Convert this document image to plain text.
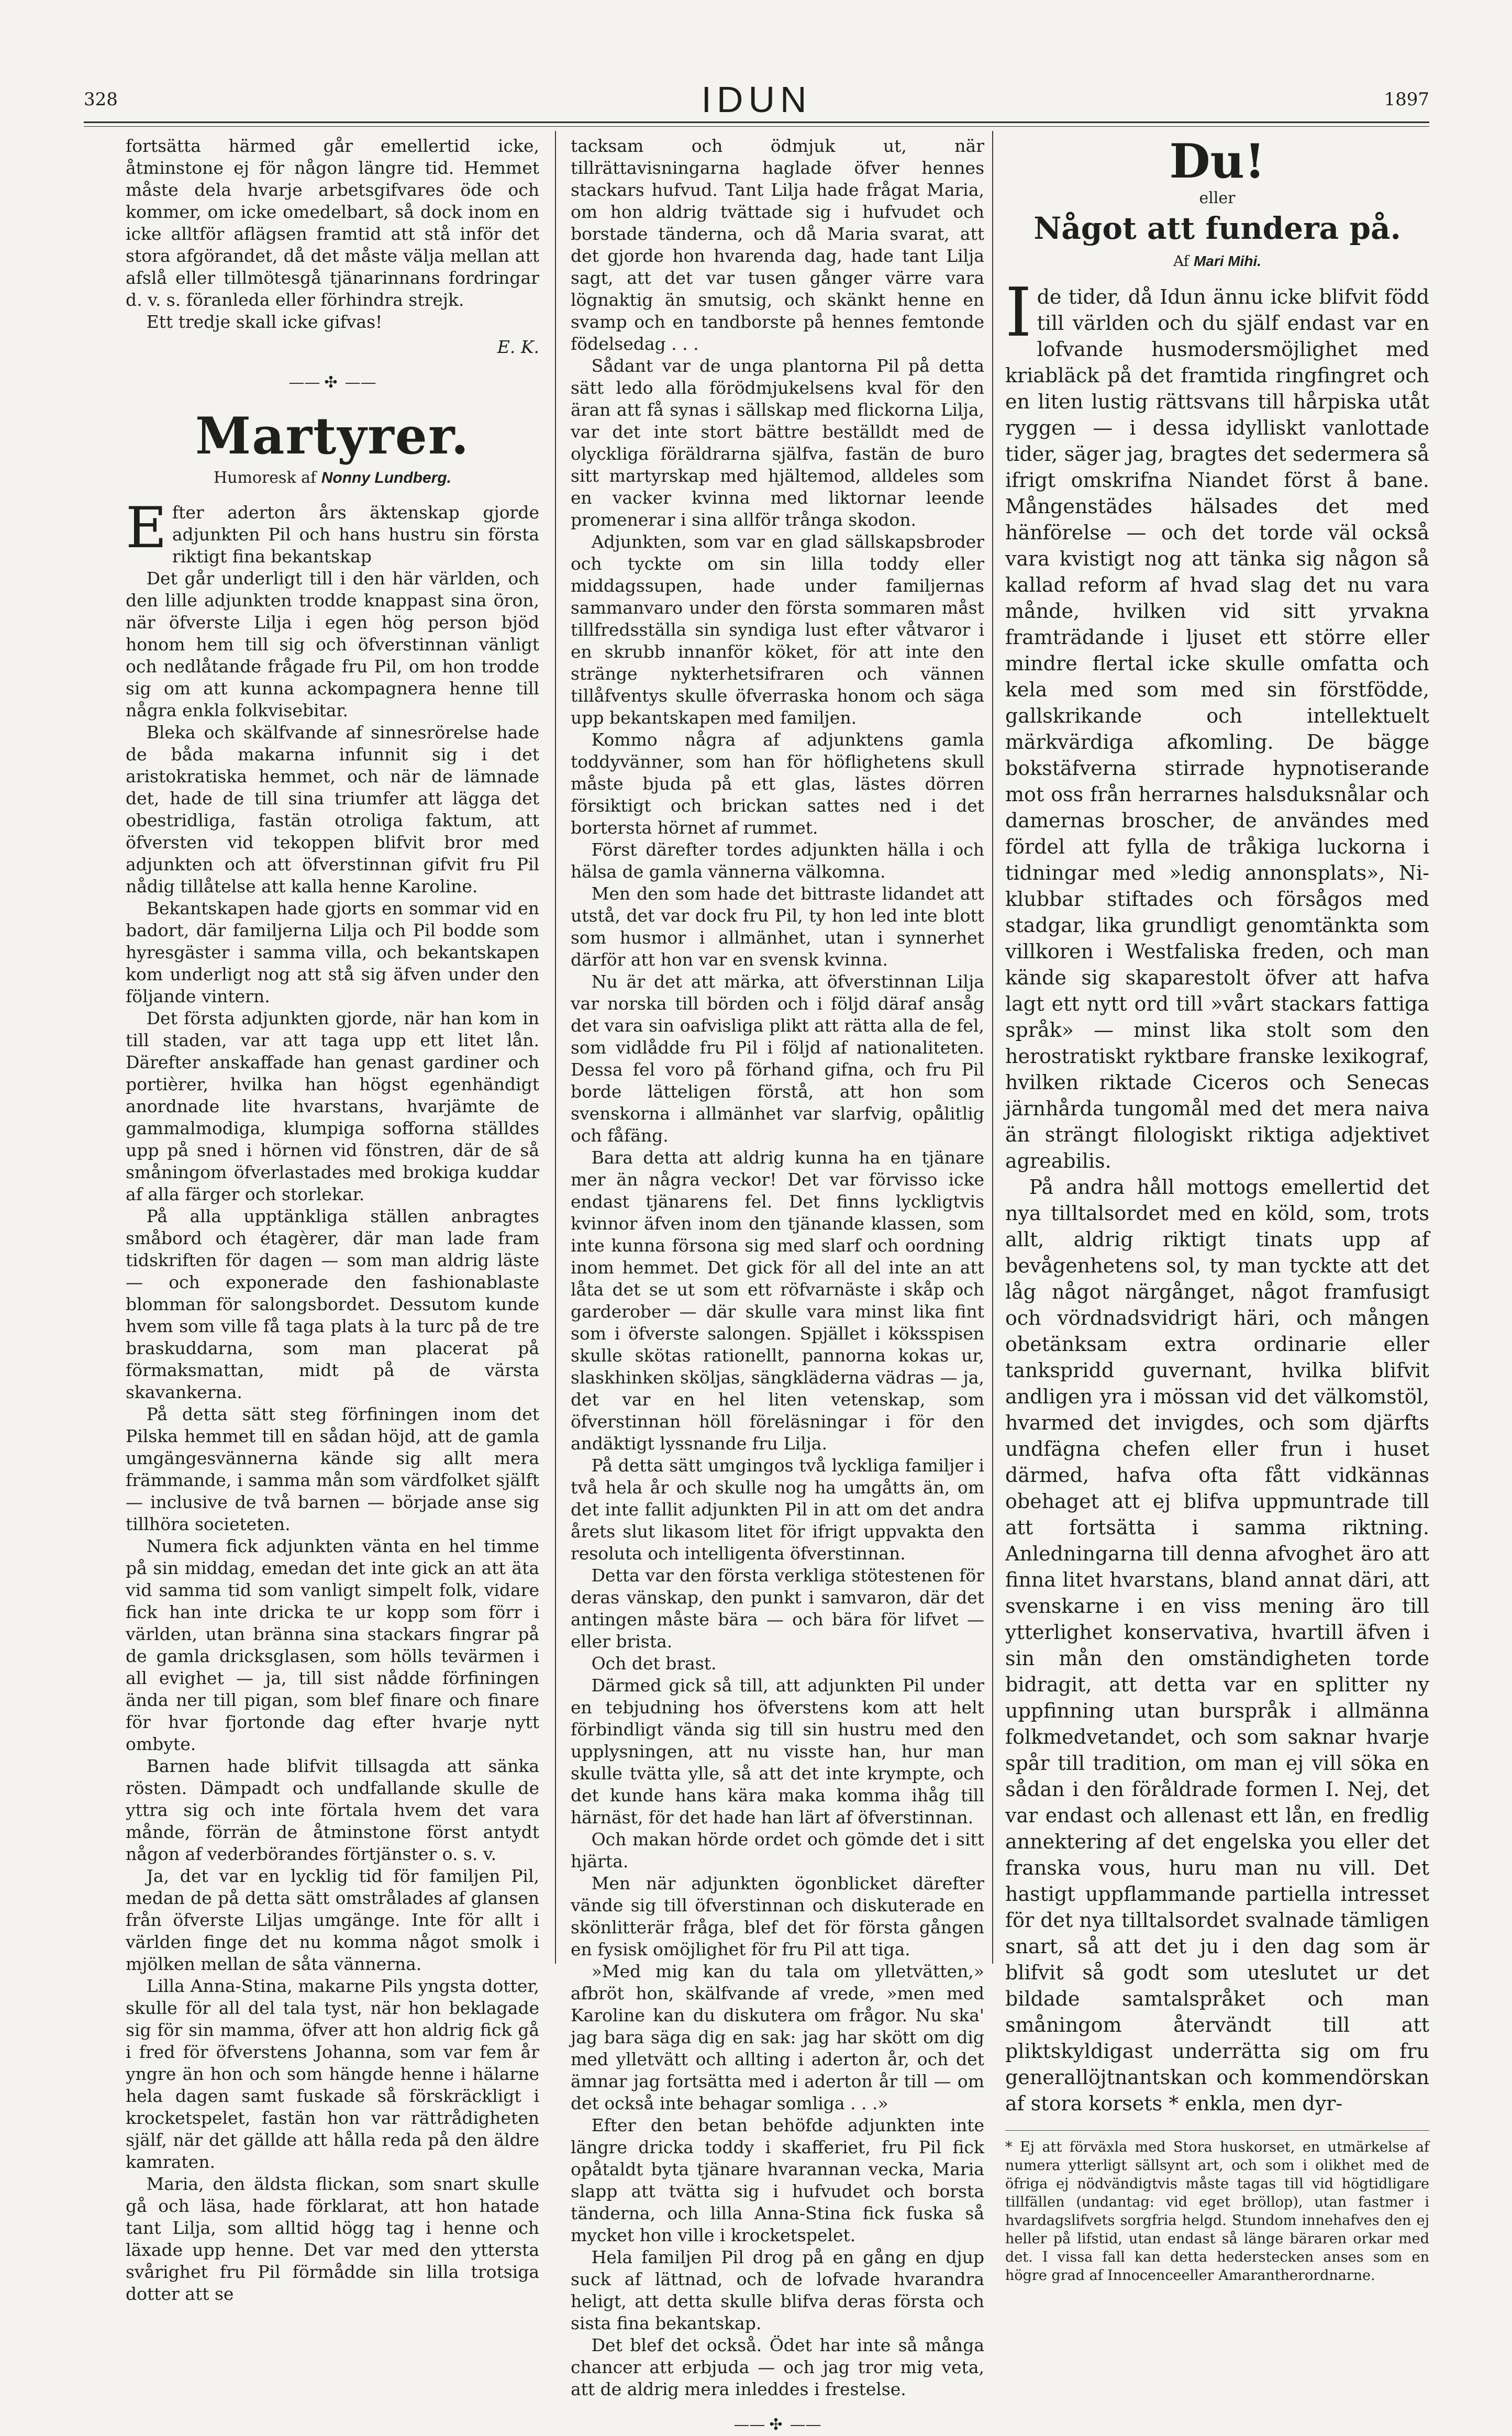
328	IDUN	1897

fortsätta härmed går emellertid icke, åtminstone ej för någon längre tid. Hemmet måste dela hvarje arbetsgifvares öde och kommer, om icke omedelbart, så dock inom en icke alltför aflägsen framtid att stå inför det stora afgörandet, då det måste välja mellan att afslå eller tillmötesgå tjänarinnans fordringar d. v. s. föranleda eller förhindra strejk.

Ett tredje skall icke gifvas!

E. K.

—— ✣ ——
Martyrer.
Humoresk af Nonny Lundberg.

Efter aderton års äktenskap gjorde adjunkten Pil och hans hustru sin första riktigt fina bekantskap

Det går underligt till i den här världen, och den lille adjunkten trodde knappast sina öron, när öfverste Lilja i egen hög person bjöd honom hem till sig och öfverstinnan vänligt och nedlåtande frågade fru Pil, om hon trodde sig om att kunna ackompagnera henne till några enkla folkvisebitar.

Bleka och skälfvande af sinnesrörelse hade de båda makarna infunnit sig i det aristokratiska hemmet, och när de lämnade det, hade de till sina triumfer att lägga det obestridliga, fastän otroliga faktum, att öfversten vid tekoppen blifvit bror med adjunkten och att öfverstinnan gifvit fru Pil nådig tillåtelse att kalla henne Karoline.

Bekantskapen hade gjorts en sommar vid en badort, där familjerna Lilja och Pil bodde som hyresgäster i samma villa, och bekantskapen kom underligt nog att stå sig äfven under den följande vintern.

Det första adjunkten gjorde, när han kom in till staden, var att taga upp ett litet lån. Därefter anskaffade han genast gardiner och portièrer, hvilka han högst egenhändigt anordnade lite hvarstans, hvarjämte de gammalmodiga, klumpiga sofforna ställdes upp på sned i hörnen vid fönstren, där de så småningom öfverlastades med brokiga kuddar af alla färger och storlekar.

På alla upptänkliga ställen anbragtes småbord och étagèrer, där man lade fram tidskriften för dagen — som man aldrig läste — och exponerade den fashionablaste blomman för salongsbordet. Dessutom kunde hvem som ville få taga plats à la turc på de tre braskuddarna, som man placerat på förmaksmattan, midt på de värsta skavankerna.

På detta sätt steg förfiningen inom det Pilska hemmet till en sådan höjd, att de gamla umgängesvännerna kände sig allt mera främmande, i samma mån som värdfolket själft — inclusive de två barnen — började anse sig tillhöra societeten.

Numera fick adjunkten vänta en hel timme på sin middag, emedan det inte gick an att äta vid samma tid som vanligt simpelt folk, vidare fick han inte dricka te ur kopp som förr i världen, utan bränna sina stackars fingrar på de gamla dricksglasen, som hölls tevärmen i all evighet — ja, till sist nådde förfiningen ända ner till pigan, som blef finare och finare för hvar fjortonde dag efter hvarje nytt ombyte.

Barnen hade blifvit tillsagda att sänka rösten. Dämpadt och undfallande skulle de yttra sig och inte förtala hvem det vara månde, förrän de åtminstone först antydt någon af vederbörandes förtjänster o. s. v.

Ja, det var en lycklig tid för familjen Pil, medan de på detta sätt omstrålades af glansen från öfverste Liljas umgänge. Inte för allt i världen finge det nu komma något smolk i mjölken mellan de såta vännerna.

Lilla Anna-Stina, makarne Pils yngsta dotter, skulle för all del tala tyst, när hon beklagade sig för sin mamma, öfver att hon aldrig fick gå i fred för öfverstens Johanna, som var fem år yngre än hon och som hängde henne i hälarne hela dagen samt fuskade så förskräckligt i krocketspelet, fastän hon var rättrådigheten själf, när det gällde att hålla reda på den äldre kamraten.

Maria, den äldsta flickan, som snart skulle gå och läsa, hade förklarat, att hon hatade tant Lilja, som alltid högg tag i henne och läxade upp henne. Det var med den yttersta svårighet fru Pil förmådde sin lilla trotsiga dotter att se

tacksam och ödmjuk ut, när tillrättavisningarna haglade öfver hennes stackars hufvud. Tant Lilja hade frågat Maria, om hon aldrig tvättade sig i hufvudet och borstade tänderna, och då Maria svarat, att det gjorde hon hvarenda dag, hade tant Lilja sagt, att det var tusen gånger värre vara lögnaktig än smutsig, och skänkt henne en svamp och en tandborste på hennes femtonde födelsedag . . .

Sådant var de unga plantorna Pil på detta sätt ledo alla förödmjukelsens kval för den äran att få synas i sällskap med flickorna Lilja, var det inte stort bättre beställdt med de olyckliga föräldrarna själfva, fastän de buro sitt martyrskap med hjältemod, alldeles som en vacker kvinna med liktornar leende promenerar i sina allför trånga skodon.

Adjunkten, som var en glad sällskapsbroder och tyckte om sin lilla toddy eller middagssupen, hade under familjernas sammanvaro under den första sommaren måst tillfredsställa sin syndiga lust efter våtvaror i en skrubb innanför köket, för att inte den stränge nykterhetsifraren och vännen tillåfventys skulle öfverraska honom och säga upp bekantskapen med familjen.

Kommo några af adjunktens gamla toddyvänner, som han för höflighetens skull måste bjuda på ett glas, lästes dörren försiktigt och brickan sattes ned i det bortersta hörnet af rummet.

Först därefter tordes adjunkten hälla i och hälsa de gamla vännerna välkomna.

Men den som hade det bittraste lidandet att utstå, det var dock fru Pil, ty hon led inte blott som husmor i allmänhet, utan i synnerhet därför att hon var en svensk kvinna.

Nu är det att märka, att öfverstinnan Lilja var norska till börden och i följd däraf ansåg det vara sin oafvisliga plikt att rätta alla de fel, som vidlådde fru Pil i följd af nationaliteten. Dessa fel voro på förhand gifna, och fru Pil borde lätteligen förstå, att hon som svenskorna i allmänhet var slarfvig, opålitlig och fåfäng.

Bara detta att aldrig kunna ha en tjänare mer än några veckor! Det var förvisso icke endast tjänarens fel. Det finns lyckligtvis kvinnor äfven inom den tjänande klassen, som inte kunna försona sig med slarf och oordning inom hemmet. Det gick för all del inte an att låta det se ut som ett röfvarnäste i skåp och garderober — där skulle vara minst lika fint som i öfverste salongen. Spjället i köksspisen skulle skötas rationellt, pannorna kokas ur, slaskhinken sköljas, sängkläderna vädras — ja, det var en hel liten vetenskap, som öfverstinnan höll föreläsningar i för den andäktigt lyssnande fru Lilja.

På detta sätt umgingos två lyckliga familjer i två hela år och skulle nog ha umgåtts än, om det inte fallit adjunkten Pil in att om det andra årets slut likasom litet för ifrigt uppvakta den resoluta och intelligenta öfverstinnan.

Detta var den första verkliga stötestenen för deras vänskap, den punkt i samvaron, där det antingen måste bära — och bära för lifvet — eller brista.

Och det brast.

Därmed gick så till, att adjunkten Pil under en tebjudning hos öfverstens kom att helt förbindligt vända sig till sin hustru med den upplysningen, att nu visste han, hur man skulle tvätta ylle, så att det inte krympte, och det kunde hans kära maka komma ihåg till härnäst, för det hade han lärt af öfverstinnan.

Och makan hörde ordet och gömde det i sitt hjärta.

Men när adjunkten ögonblicket därefter vände sig till öfverstinnan och diskuterade en skönlitterär fråga, blef det för första gången en fysisk omöjlighet för fru Pil att tiga.

»Med mig kan du tala om ylletvätten,» afbröt hon, skälfvande af vrede, »men med Karoline kan du diskutera om frågor. Nu ska' jag bara säga dig en sak: jag har skött om dig med ylletvätt och allting i aderton år, och det ämnar jag fortsätta med i aderton år till — om det också inte behagar somliga . . .»

Efter den betan behöfde adjunkten inte längre dricka toddy i skafferiet, fru Pil fick opåtaldt byta tjänare hvarannan vecka, Maria slapp att tvätta sig i hufvudet och borsta tänderna, och lilla Anna-Stina fick fuska så mycket hon ville i krocketspelet.

Hela familjen Pil drog på en gång en djup suck af lättnad, och de lofvade hvarandra heligt, att detta skulle blifva deras första och sista fina bekantskap.

Det blef det också. Ödet har inte så många chancer att erbjuda — och jag tror mig veta, att de aldrig mera inleddes i frestelse.

—— ✣ ——
Du!

eller

Något att fundera på.
Af Mari Mihi.

Ide tider, då Idun ännu icke blifvit född till världen och du själf endast var en lofvande husmodersmöjlighet med kriabläck på det framtida ringfingret och en liten lustig rättsvans till hårpiska utåt ryggen — i dessa idylliskt vanlottade tider, säger jag, bragtes det sedermera så ifrigt omskrifna Niandet först å bane. Mångenstädes hälsades det med hänförelse — och det torde väl också vara kvistigt nog att tänka sig någon så kallad reform af hvad slag det nu vara månde, hvilken vid sitt yrvakna framträdande i ljuset ett större eller mindre flertal icke skulle omfatta och kela med som med sin förstfödde, gallskrikande och intellektuelt märkvärdiga afkomling. De bägge bokstäfverna stirrade hypnotiserande mot oss från herrarnes halsduksnålar och damernas broscher, de användes med fördel att fylla de tråkiga luckorna i tidningar med »ledig annonsplats», Ni-klubbar stiftades och försågos med stadgar, lika grundligt genomtänkta som villkoren i Westfaliska freden, och man kände sig skaparestolt öfver att hafva lagt ett nytt ord till »vårt stackars fattiga språk» — minst lika stolt som den herostratiskt ryktbare franske lexikograf, hvilken riktade Ciceros och Senecas järnhårda tungomål med det mera naiva än strängt filologiskt riktiga adjektivet agreabilis.

På andra håll mottogs emellertid det nya tilltalsordet med en köld, som, trots allt, aldrig riktigt tinats upp af bevågenhetens sol, ty man tyckte att det låg något närgånget, något framfusigt och vördnadsvidrigt häri, och mången obetänksam extra ordinarie eller tankspridd guvernant, hvilka blifvit andligen yra i mössan vid det välkomstöl, hvarmed det invigdes, och som djärfts undfägna chefen eller frun i huset därmed, hafva ofta fått vidkännas obehaget att ej blifva uppmuntrade till att fortsätta i samma riktning. Anledningarna till denna afvoghet äro att finna litet hvarstans, bland annat däri, att svenskarne i en viss mening äro till ytterlighet konservativa, hvartill äfven i sin mån den omständigheten torde bidragit, att detta var en splitter ny uppfinning utan burspråk i allmänna folkmedvetandet, och som saknar hvarje spår till tradition, om man ej vill söka en sådan i den föråldrade formen I. Nej, det var endast och allenast ett lån, en fredlig annektering af det engelska you eller det franska vous, huru man nu vill. Det hastigt uppflammande partiella intresset för det nya tilltalsordet svalnade tämligen snart, så att det ju i den dag som är blifvit så godt som uteslutet ur det bildade samtalspråket och man småningom återvändt till att pliktskyldigast underrätta sig om fru generallöjtnantskan och kommendörskan af stora korsets * enkla, men dyr-

* Ej att förväxla med Stora huskorset, en utmärkelse af numera ytterligt sällsynt art, och som i olikhet med de öfriga ej nödvändigtvis måste tagas till vid högtidligare tillfällen (undantag: vid eget bröllop), utan fastmer i hvardagslifvets sorgfria helgd. Stundom innehafves den ej heller på lifstid, utan endast så länge bäraren orkar med det. I vissa fall kan detta hederstecken anses som en högre grad af Innocenceeller Amarantherordnarne.
